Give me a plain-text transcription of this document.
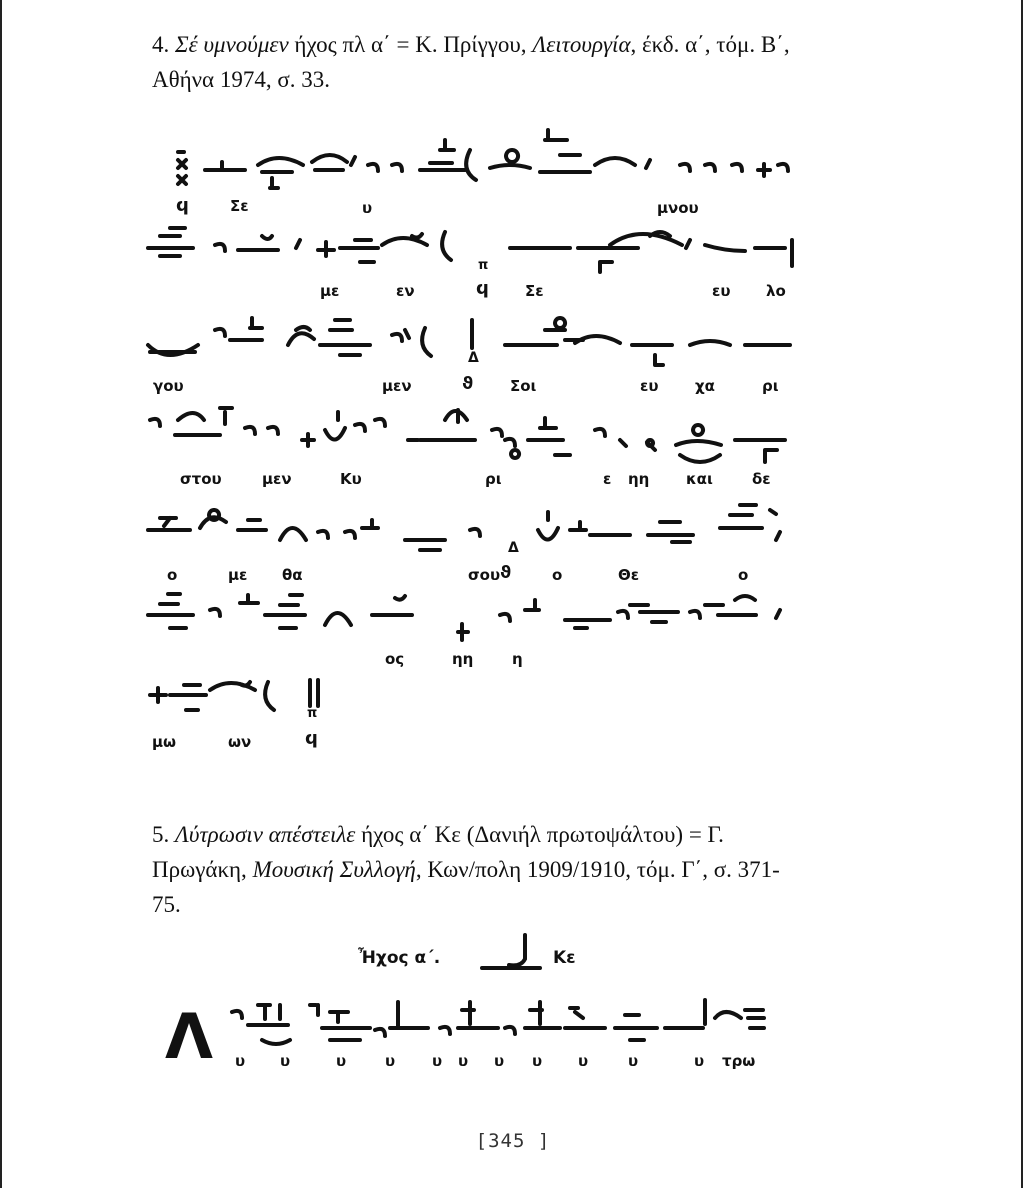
4. Σέ υμνούμεν ήχος πλ α΄ = Κ. Πρίγγου, Λειτουργία, έκδ. α΄, τόμ. Β΄, Αθήνα 1974, σ. 33.
Σε	υ	μνου
ϥ
με	εν
π
ϥ Σε	ευ λο
γου
Δ
μεν	ϑ Σοι	ευ χα	ρι
στου	μεν	Κυ	ρι	ε ηη και	δε
ο	με θα
Δ
σου ϑ	ο	Θε	ο
ος	ηη	η
π
ϥ
μω	ων
5. Λύτρωσιν απέστειλε ήχος α΄ Κε (Δανιήλ πρωτοψάλτου) = Γ. Πρωγάκη, Μουσική Συλλογή, Κων/πολη 1909/1910, τόμ. Γ΄, σ. 371-75.
Ἦχος α΄.	Κε
Λ υ υ	υ	υ υ υ υ υ υ	υ	υ τρω
[345 ]
